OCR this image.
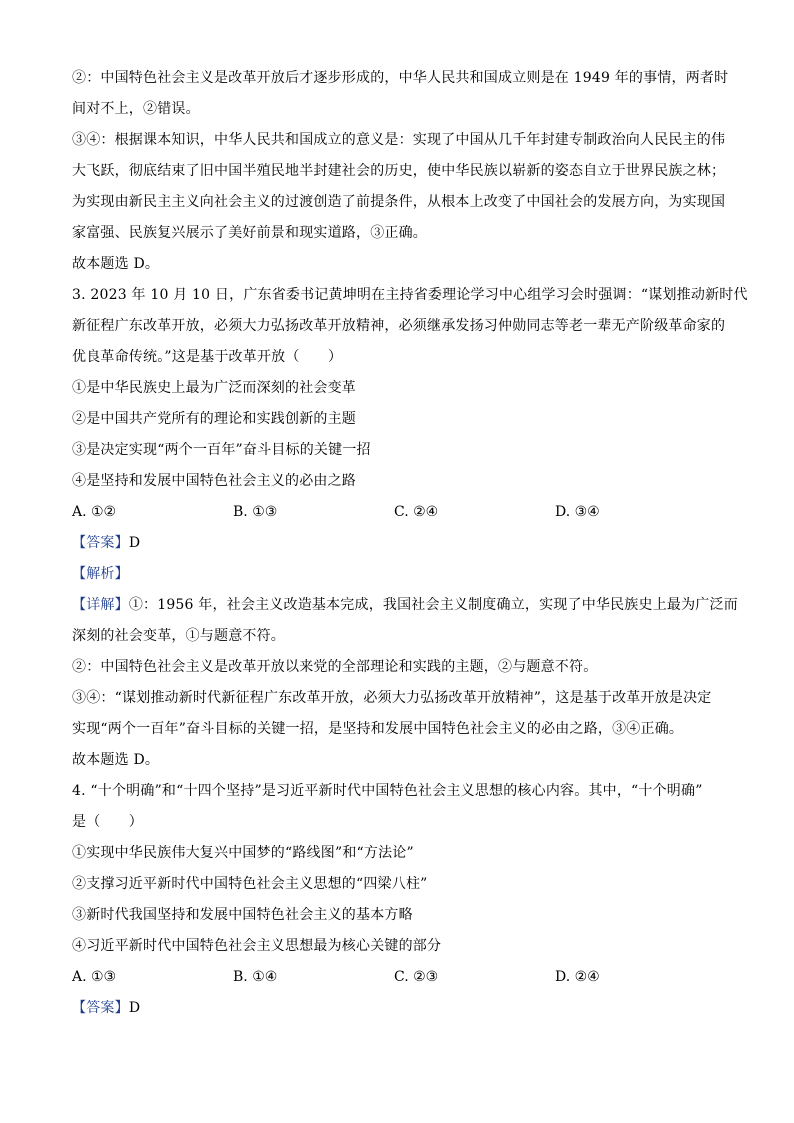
②：中国特色社会主义是改革开放后才逐步形成的，中华人民共和国成立则是在 1949 年的事情，两者时
间对不上，②错误。
③④：根据课本知识，中华人民共和国成立的意义是：实现了中国从几千年封建专制政治向人民民主的伟
大飞跃，彻底结束了旧中国半殖民地半封建社会的历史，使中华民族以崭新的姿态自立于世界民族之林；
为实现由新民主主义向社会主义的过渡创造了前提条件，从根本上改变了中国社会的发展方向，为实现国
家富强、民族复兴展示了美好前景和现实道路，③正确。
故本题选 D。
3. 2023 年 10 月 10 日，广东省委书记黄坤明在主持省委理论学习中心组学习会时强调：“谋划推动新时代
新征程广东改革开放，必须大力弘扬改革开放精神，必须继承发扬习仲勋同志等老一辈无产阶级革命家的
优良革命传统。”这是基于改革开放（　　）
①是中华民族史上最为广泛而深刻的社会变革
②是中国共产党所有的理论和实践创新的主题
③是决定实现“两个一百年”奋斗目标的关键一招
④是坚持和发展中国特色社会主义的必由之路
A. ①②	B. ①③	C. ②④	D. ③④
【答案】D
【解析】
【详解】①：1956 年，社会主义改造基本完成，我国社会主义制度确立，实现了中华民族史上最为广泛而
深刻的社会变革，①与题意不符。
②：中国特色社会主义是改革开放以来党的全部理论和实践的主题，②与题意不符。
③④：“谋划推动新时代新征程广东改革开放，必须大力弘扬改革开放精神”，这是基于改革开放是决定
实现“两个一百年”奋斗目标的关键一招，是坚持和发展中国特色社会主义的必由之路，③④正确。
故本题选 D。
4. “十个明确”和“十四个坚持”是习近平新时代中国特色社会主义思想的核心内容。其中，“十个明确”
是（　　）
①实现中华民族伟大复兴中国梦的“路线图”和“方法论”
②支撑习近平新时代中国特色社会主义思想的“四梁八柱”
③新时代我国坚持和发展中国特色社会主义的基本方略
④习近平新时代中国特色社会主义思想最为核心关键的部分
A. ①③	B. ①④	C. ②③	D. ②④
【答案】D
